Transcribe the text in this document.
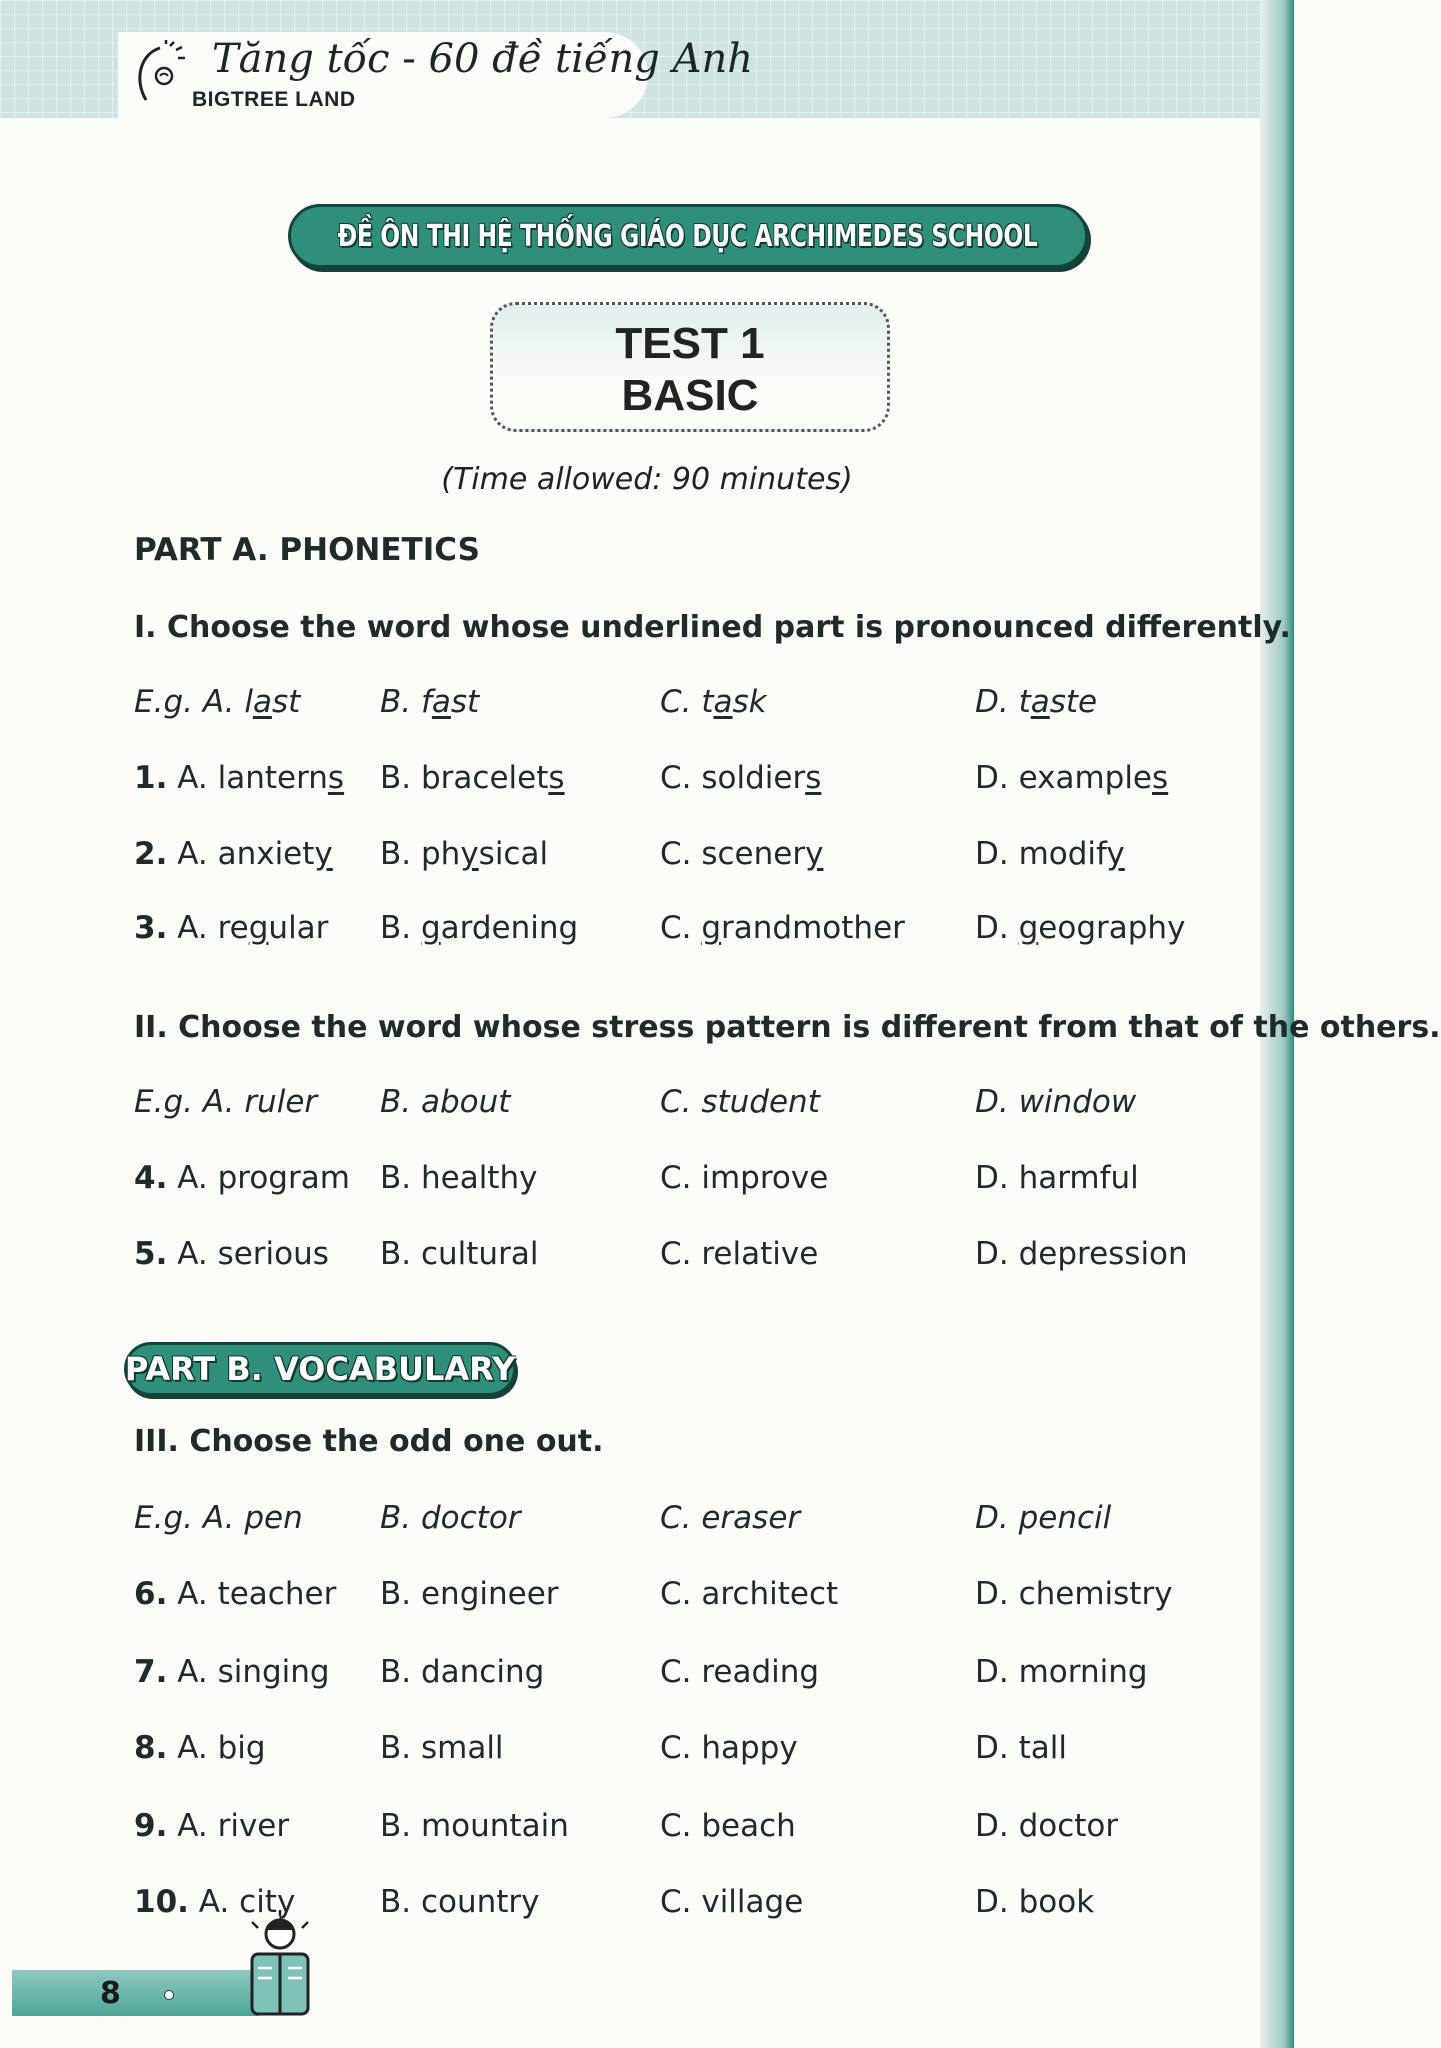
Tăng tốc - 60 đề tiếng Anh
BIGTREE LAND
ĐỀ ÔN THI HỆ THỐNG GIÁO DỤC ARCHIMEDES SCHOOL
TEST 1
BASIC
(Time allowed: 90 minutes)
PART A. PHONETICS
I. Choose the word whose underlined part is pronounced differently.
E.g. A. last	B. fast	C. task	D. taste
1. A. lanterns B. bracelets	C. soldiers	D. examples
2. A. anxiety B. physical	C. scenery	D. modify
3. A. regular B. gardening	C. grandmother D. geography
II. Choose the word whose stress pattern is different from that of the others.
E.g. A. ruler B. about	C. student	D. window
4. A. program B. healthy	C. improve	D. harmful
5. A. serious B. cultural	C. relative	D. depression
PART B. VOCABULARY
III. Choose the odd one out.
E.g. A. pen B. doctor	C. eraser	D. pencil
6. A. teacher B. engineer	C. architect	D. chemistry
7. A. singing B. dancing	C. reading	D. morning
8. A. big	B. small	C. happy	D. tall
9. A. river	B. mountain	C. beach	D. doctor
10. A. city	B. country	C. village	D. book
8
